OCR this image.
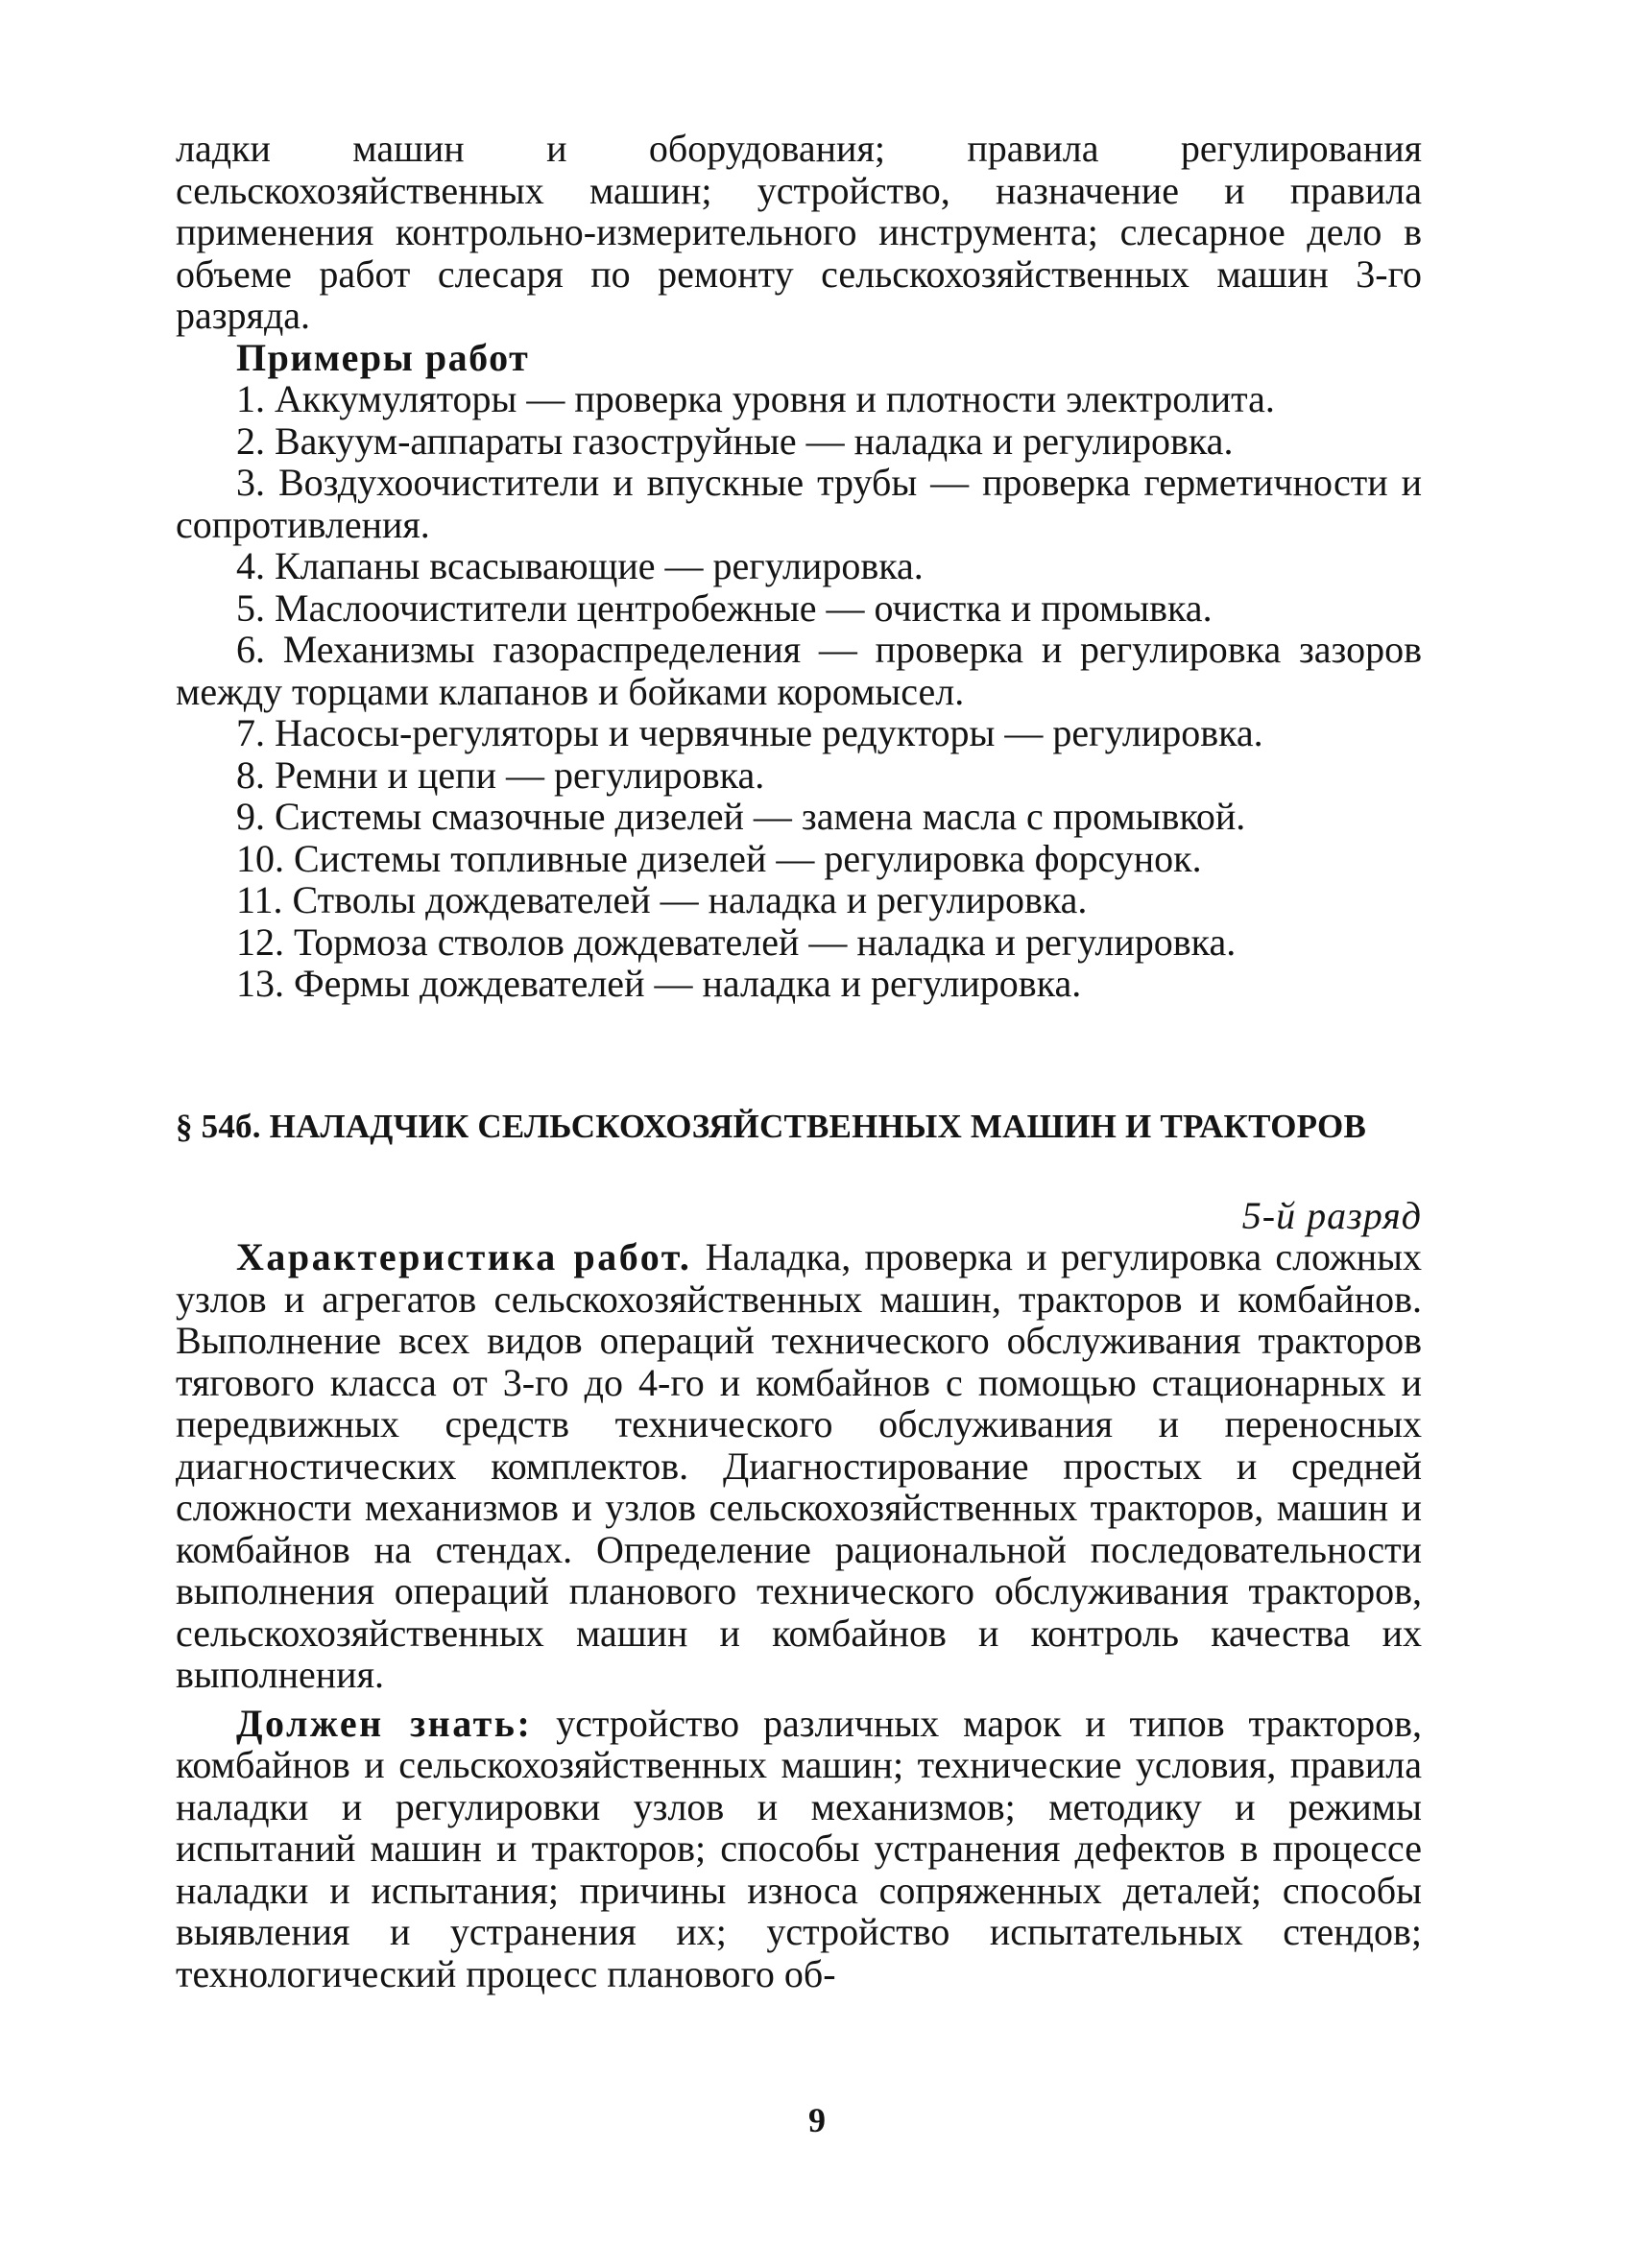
ладки машин и оборудования; правила регулирования сельскохозяйственных машин; устройство, назначение и правила применения контрольно-измерительного инструмента; слесарное дело в объеме работ слесаря по ремонту сельскохозяйственных машин 3-го разряда.

Примеры работ

1. Аккумуляторы — проверка уровня и плотности электролита.

2. Вакуум-аппараты газоструйные — наладка и регулировка.

3. Воздухоочистители и впускные трубы — проверка герметичности и сопротивления.

4. Клапаны всасывающие — регулировка.

5. Маслоочистители центробежные — очистка и промывка.

6. Механизмы газораспределения — проверка и регулировка зазоров между торцами клапанов и бойками коромысел.

7. Насосы-регуляторы и червячные редукторы — регулировка.

8. Ремни и цепи — регулировка.

9. Системы смазочные дизелей — замена масла с промывкой.

10. Системы топливные дизелей — регулировка форсунок.

11. Стволы дождевателей — наладка и регулировка.

12. Тормоза стволов дождевателей — наладка и регулировка.

13. Фермы дождевателей — наладка и регулировка.

§ 54б. НАЛАДЧИК СЕЛЬСКОХОЗЯЙСТВЕННЫХ МАШИН И ТРАКТОРОВ

5-й разряд

Характеристика работ. Наладка, проверка и регулировка сложных узлов и агрегатов сельскохозяйственных машин, тракторов и комбайнов. Выполнение всех видов операций технического обслуживания тракторов тягового класса от 3-го до 4-го и комбайнов с помощью стационарных и передвижных средств технического обслуживания и переносных диагностических комплектов. Диагностирование простых и средней сложности механизмов и узлов сельскохозяйственных тракторов, машин и комбайнов на стендах. Определение рациональной последовательности выполнения операций планового технического обслуживания тракторов, сельскохозяйственных машин и комбайнов и контроль качества их выполнения.

Должен знать: устройство различных марок и типов тракторов, комбайнов и сельскохозяйственных машин; технические условия, правила наладки и регулировки узлов и механизмов; методику и режимы испытаний машин и тракторов; способы устранения дефектов в процессе наладки и испытания; причины износа сопряженных деталей; способы выявления и устранения их; устройство испытательных стендов; технологический процесс планового об-

9
